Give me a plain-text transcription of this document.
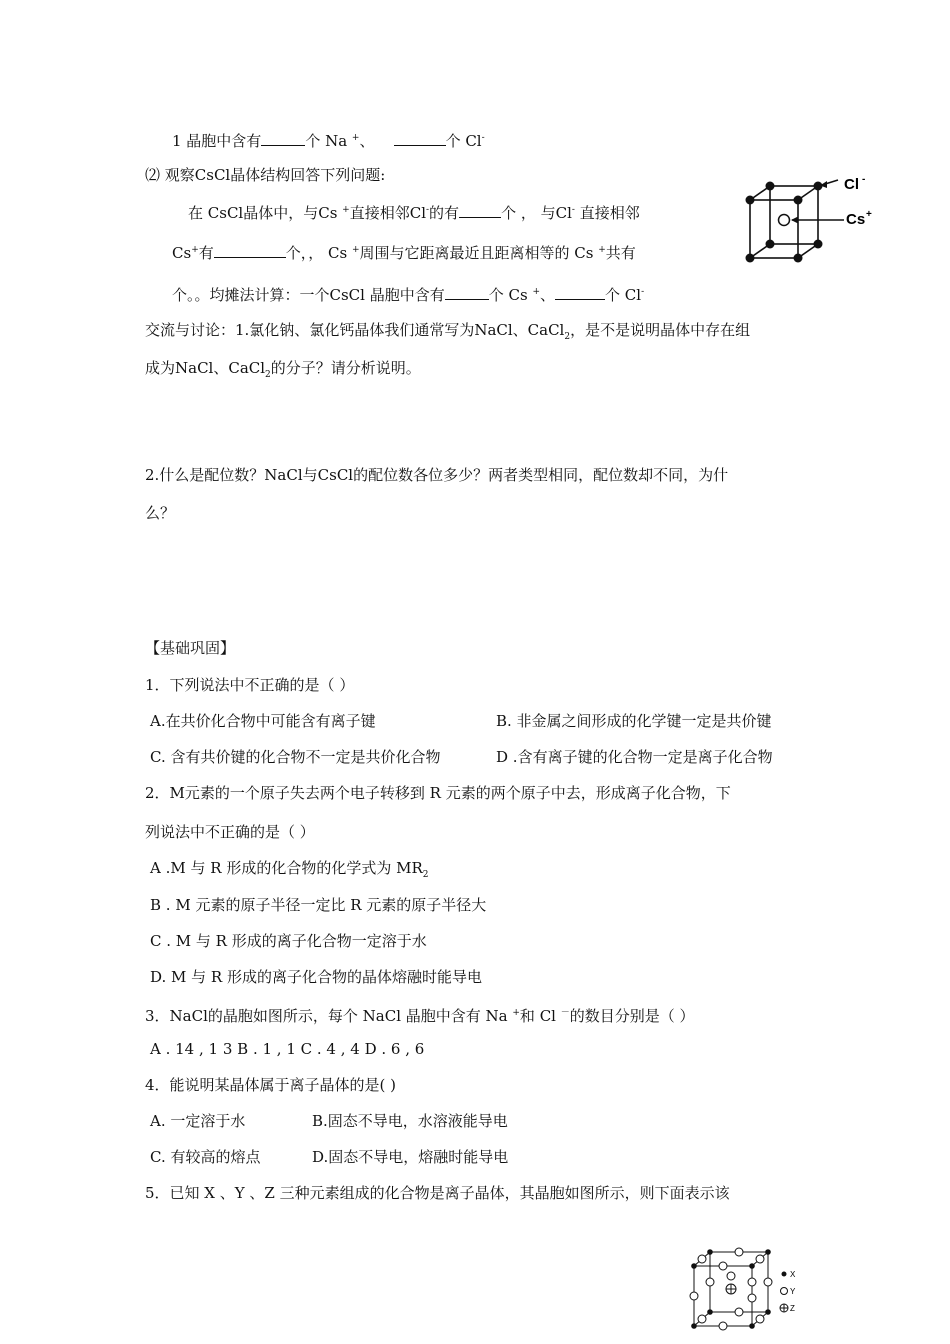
1 晶胞中含有	个 Na +、	个 Cl-
⑵ 观察CsCl晶体结构回答下列问题:
在 CsCl晶体中，与Cs +直接相邻Cl-的有	个 ， 与Cl- 直接相邻
Cs+有	个，， Cs +周围与它距离最近且距离相等的 Cs +共有
个。。均摊法计算：一个CsCl 晶胞中含有	个 Cs +、	个 Cl-
交流与讨论：1.氯化钠、氯化钙晶体我们通常写为NaCl、CaCl$_2$，是不是说明晶体中存在组
成为NaCl、CaCl$_2$的分子？请分析说明。
2.什么是配位数？NaCl与CsCl的配位数各位多少？两者类型相同，配位数却不同，为什
么？
【基础巩固】
1．下列说法中不正确的是（ ）
A.在共价化合物中可能含有离子键	B. 非金属之间形成的化学键一定是共价键
C. 含有共价键的化合物不一定是共价化合物	D .含有离子键的化合物一定是离子化合物
2．M元素的一个原子失去两个电子转移到 R 元素的两个原子中去，形成离子化合物，下
列说法中不正确的是（ ）
A .M 与 R 形成的化合物的化学式为 $MR_2$
B . M 元素的原子半径一定比 R 元素的原子半径大
C . M 与 R 形成的离子化合物一定溶于水
D. M 与 R 形成的离子化合物的晶体熔融时能导电
3．NaCl的晶胞如图所示，每个 NaCl 晶胞中含有 Na +和 Cl －的数目分别是（ ）
A . 14 , 1 3 B . 1 , 1 C . 4 , 4 D . 6 , 6
4．能说明某晶体属于离子晶体的是( )
A. 一定溶于水	B.固态不导电，水溶液能导电
C. 有较高的熔点	D.固态不导电，熔融时能导电
5．已知 X 、Y 、Z 三种元素组成的化合物是离子晶体，其晶胞如图所示，则下面表示该
Cl -
Cs +
X
Y
Z
